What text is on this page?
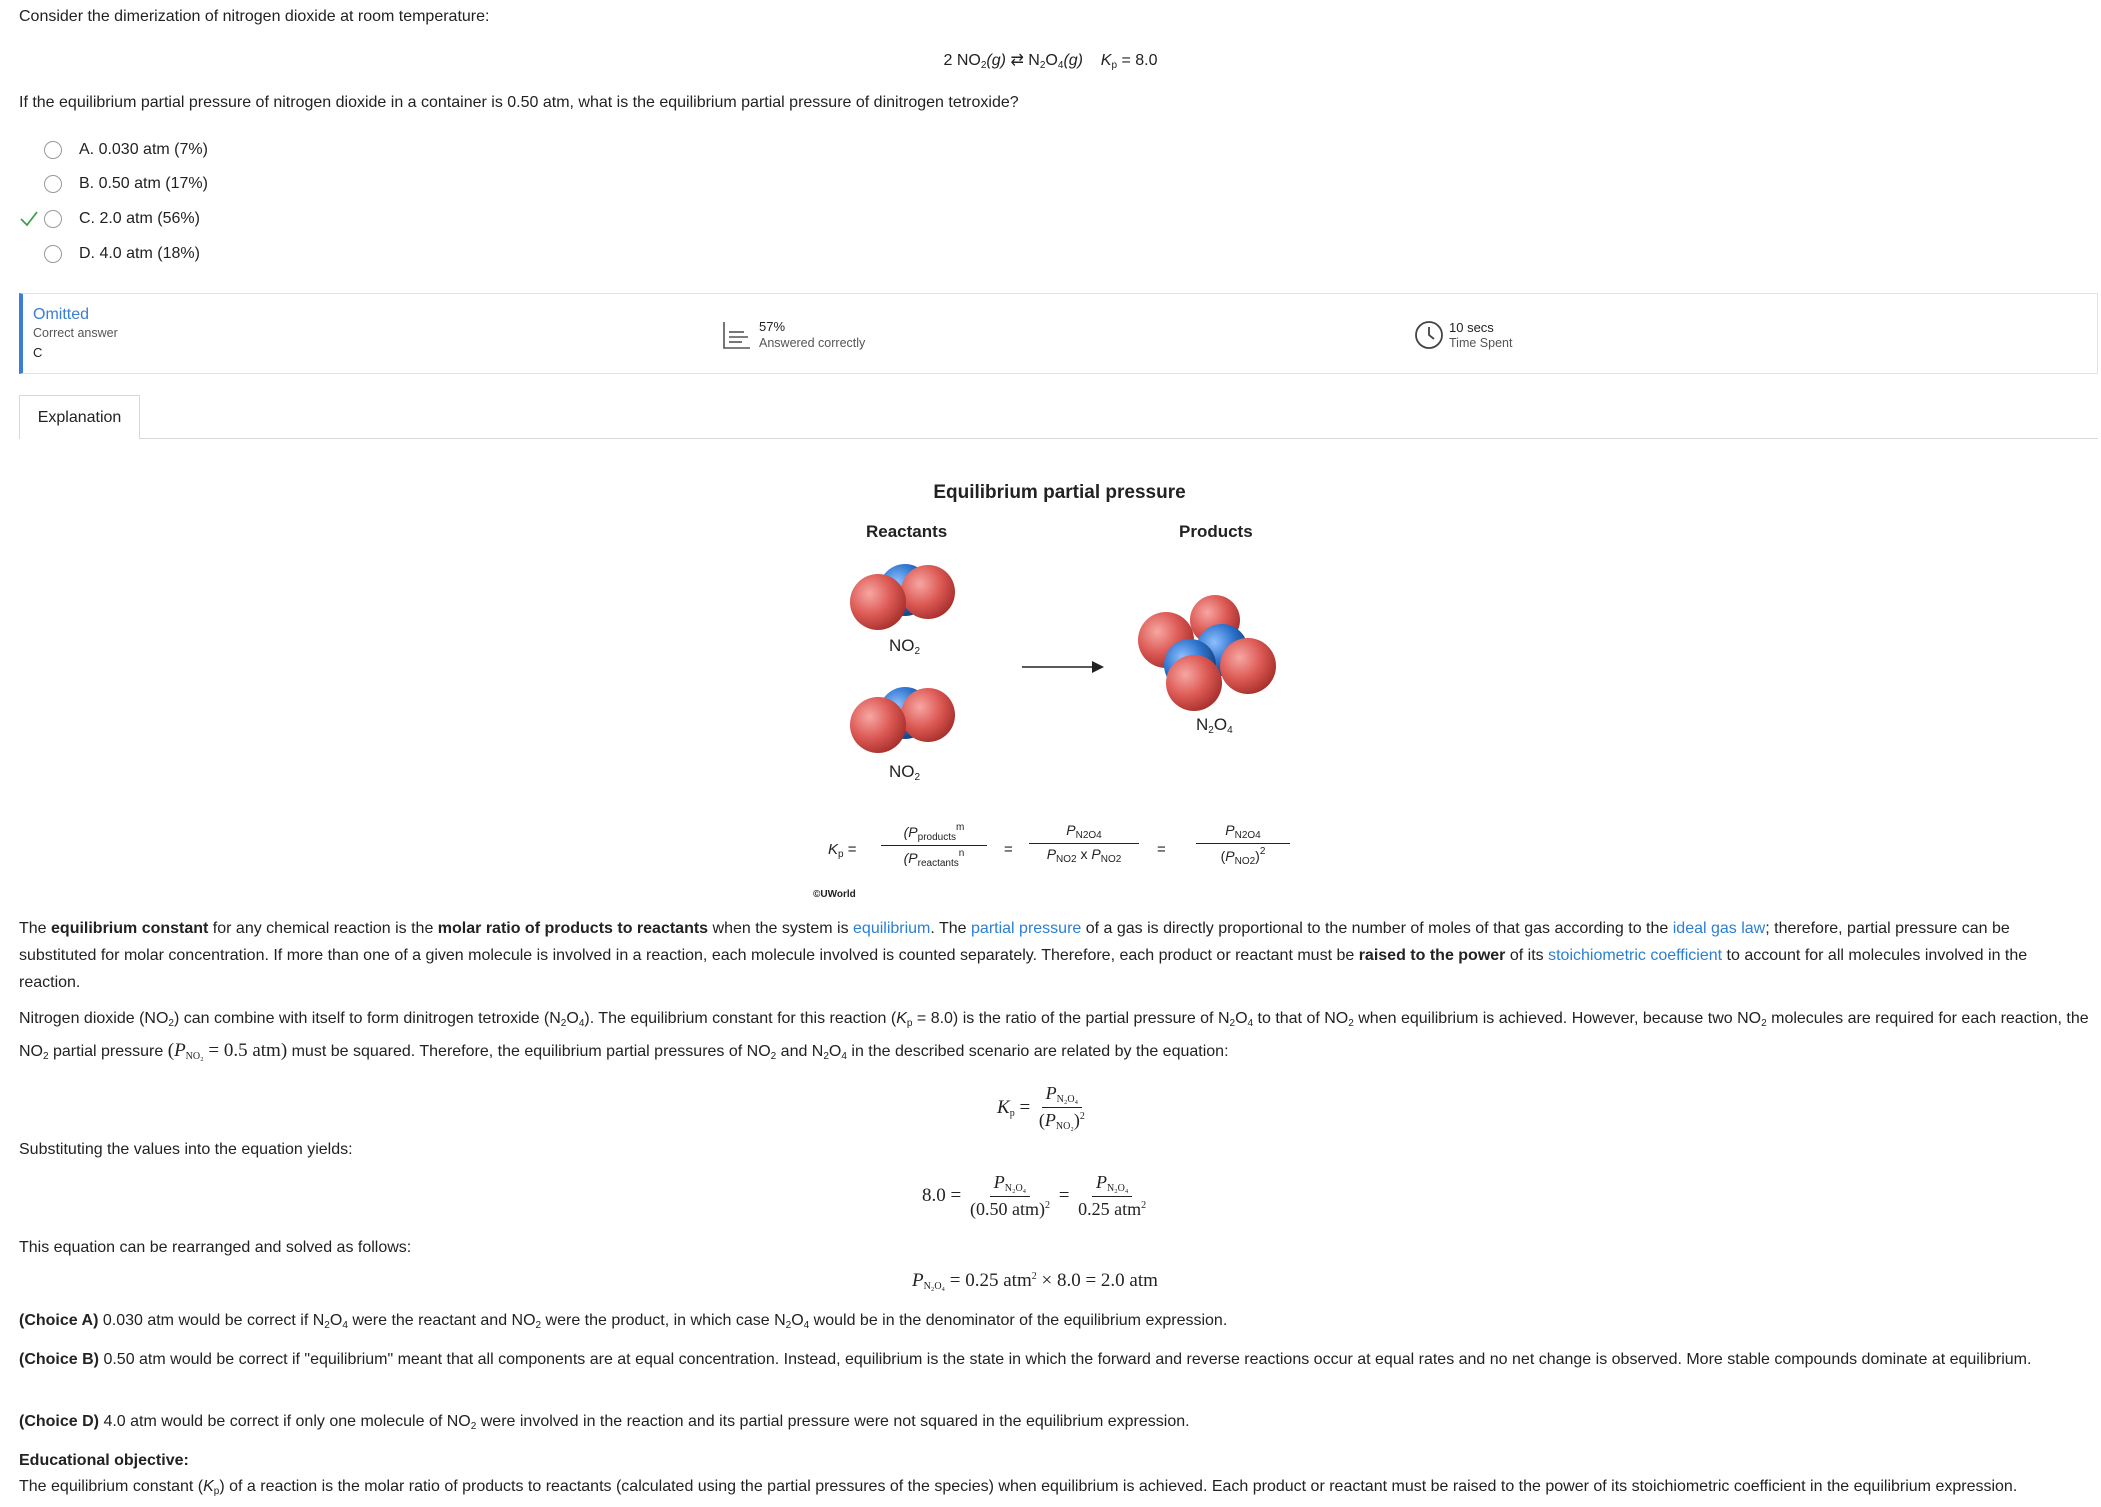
Consider the dimerization of nitrogen dioxide at room temperature:
2 $NO_2(g)$ ⇄ $N_2O_4(g) K_p = 8.0$
If the equilibrium partial pressure of nitrogen dioxide in a container is 0.50 atm, what is the equilibrium partial pressure of dinitrogen tetroxide?
A. 0.030 atm (7%)
B. 0.50 atm (17%)
C. 2.0 atm (56%)
D. 4.0 atm (18%)
Omitted
Correct answer
C
57%
Answered correctly
10 secs
Time Spent
Explanation
Equilibrium partial pressure
Reactants	Products
$NO_2$
$NO_2$
$N_2O_4$
$K_p$ =
($P_{products}^m$
($P_{reactants}^n$	=
$P_{N2O4}$
$P_{NO2}$ x $P_{NO2}$
=
$P_{N2O4}$
$(P_{NO2})^2$
©UWorld
The equilibrium constant for any chemical reaction is the molar ratio of products to reactants when the system is equilibrium. The partial pressure of a gas is directly proportional to the number of moles of that gas according to the ideal gas law; therefore, partial pressure can be substituted for molar concentration. If more than one of a given molecule is involved in a reaction, each molecule involved is counted separately. Therefore, each product or reactant must be raised to the power of its stoichiometric coefficient to account for all molecules involved in the reaction.
Nitrogen dioxide $(NO_2)$ can combine with itself to form dinitrogen tetroxide $(N_2O_4)$. The equilibrium constant for this reaction $(K_p = 8.0)$ is the ratio of the partial pressure of $N_2O_4$ to that of $NO_2$ when equilibrium is achieved. However, because two $NO_2$ molecules are required for each reaction, the $NO_2$ partial pressure ($P_{NO_2} = 0.5$ atm) must be squared. Therefore, the equilibrium partial pressures of $NO_2$ and $N_2O_4$ in the described scenario are related by the equation:
$K_p = \frac{P_{N_2O_4}}{(P_{NO_2})^2}$
Substituting the values into the equation yields:
$8.0 = \frac{P_{N_2O_4}}{(0.50 atm)^2} = \frac{P_{N_2O_4}}{0.25 atm^2}$
This equation can be rearranged and solved as follows:
$P_{N_2O_4} = 0.25$ atm$^2$ × 8.0 = 2.0 atm
(Choice A) 0.030 atm would be correct if $N_2O_4$ were the reactant and $NO_2$ were the product, in which case $N_2O_4$ would be in the denominator of the equilibrium expression.
(Choice B) 0.50 atm would be correct if "equilibrium" meant that all components are at equal concentration. Instead, equilibrium is the state in which the forward and reverse reactions occur at equal rates and no net change is observed. More stable compounds dominate at equilibrium.
(Choice D) 4.0 atm would be correct if only one molecule of $NO_2$ were involved in the reaction and its partial pressure were not squared in the equilibrium expression.
Educational objective:
The equilibrium constant $(K_p)$ of a reaction is the molar ratio of products to reactants (calculated using the partial pressures of the species) when equilibrium is achieved. Each product or reactant must be raised to the power of its stoichiometric coefficient in the equilibrium expression.
